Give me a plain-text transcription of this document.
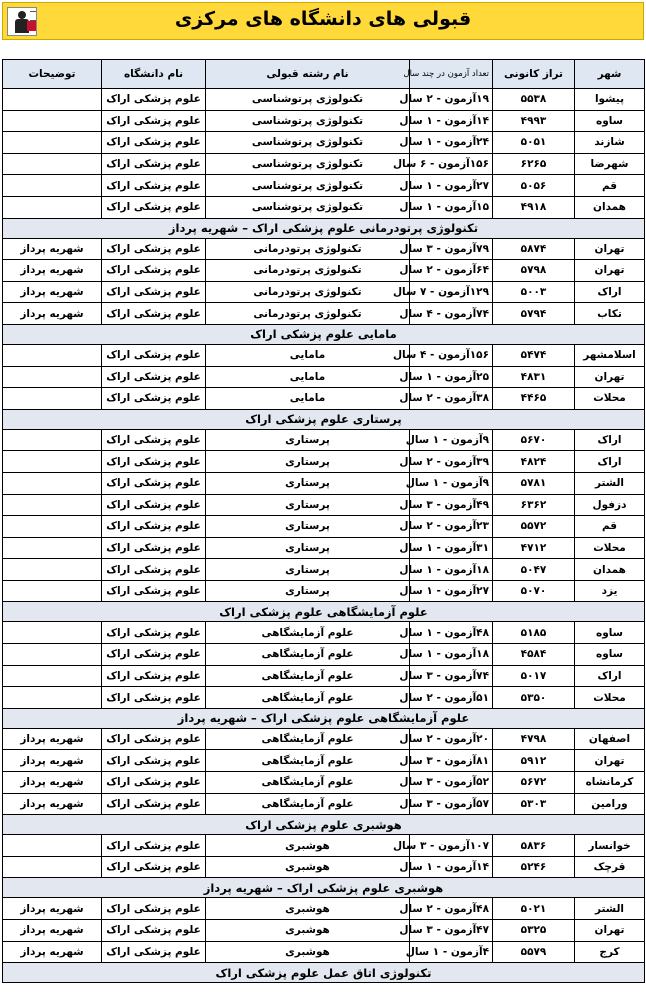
قبولی های دانشگاه های مرکزی
شهر	تراز کانونی	تعداد آزمون در چند سال	نام رشته قبولی	نام دانشگاه	توضیحات
پیشوا	۵۵۳۸	۱۹آزمون - ۲ سال	تکنولوژی پرتوشناسی	علوم پزشکی اراک	
ساوه	۴۹۹۳	۱۴آزمون - ۱ سال	تکنولوژی پرتوشناسی	علوم پزشکی اراک	
شازند	۵۰۵۱	۲۴آزمون - ۱ سال	تکنولوژی پرتوشناسی	علوم پزشکی اراک	
شهرضا	۶۲۶۵	۱۵۶آزمون - ۶ سال	تکنولوژی پرتوشناسی	علوم پزشکی اراک	
قم	۵۰۵۶	۲۷آزمون - ۱ سال	تکنولوژی پرتوشناسی	علوم پزشکی اراک	
همدان	۴۹۱۸	۱۵آزمون - ۱ سال	تکنولوژی پرتوشناسی	علوم پزشکی اراک	
تکنولوژی پرتودرمانی علوم پزشکی اراک – شهریه پرداز					
تهران	۵۸۷۴	۷۹آزمون - ۳ سال	تکنولوژی پرتودرمانی	علوم پزشکی اراک	شهریه پرداز
تهران	۵۷۹۸	۶۴آزمون - ۲ سال	تکنولوژی پرتودرمانی	علوم پزشکی اراک	شهریه پرداز
اراک	۵۰۰۳	۱۲۹آزمون - ۷ سال	تکنولوژی پرتودرمانی	علوم پزشکی اراک	شهریه پرداز
تکاب	۵۷۹۴	۷۴آزمون - ۴ سال	تکنولوژی پرتودرمانی	علوم پزشکی اراک	شهریه پرداز
مامایی علوم پزشکی اراک					
اسلامشهر	۵۴۷۴	۱۵۶آزمون - ۴ سال	مامایی	علوم پزشکی اراک	
تهران	۴۸۳۱	۲۵آزمون - ۱ سال	مامایی	علوم پزشکی اراک	
محلات	۴۴۶۵	۳۸آزمون - ۲ سال	مامایی	علوم پزشکی اراک	
پرستاری علوم پزشکی اراک					
اراک	۵۶۷۰	۹آزمون - ۱ سال	پرستاری	علوم پزشکی اراک	
اراک	۴۸۲۴	۳۹آزمون - ۲ سال	پرستاری	علوم پزشکی اراک	
الشتر	۵۷۸۱	۹آزمون - ۱ سال	پرستاری	علوم پزشکی اراک	
دزفول	۶۳۶۲	۴۹آزمون - ۳ سال	پرستاری	علوم پزشکی اراک	
قم	۵۵۷۲	۲۳آزمون - ۲ سال	پرستاری	علوم پزشکی اراک	
محلات	۴۷۱۲	۳۱آزمون - ۱ سال	پرستاری	علوم پزشکی اراک	
همدان	۵۰۴۷	۱۸آزمون - ۱ سال	پرستاری	علوم پزشکی اراک	
یزد	۵۰۷۰	۲۷آزمون - ۱ سال	پرستاری	علوم پزشکی اراک	
علوم آزمایشگاهی علوم پزشکی اراک					
ساوه	۵۱۸۵	۴۸آزمون - ۱ سال	علوم آزمایشگاهی	علوم پزشکی اراک	
ساوه	۴۵۸۴	۱۸آزمون - ۱ سال	علوم آزمایشگاهی	علوم پزشکی اراک	
اراک	۵۰۱۷	۷۴آزمون - ۳ سال	علوم آزمایشگاهی	علوم پزشکی اراک	
محلات	۵۳۵۰	۵۱آزمون - ۲ سال	علوم آزمایشگاهی	علوم پزشکی اراک	
علوم آزمایشگاهی علوم پزشکی اراک – شهریه پرداز					
اصفهان	۴۷۹۸	۲۰آزمون - ۲ سال	علوم آزمایشگاهی	علوم پزشکی اراک	شهریه پرداز
تهران	۵۹۱۲	۸۱آزمون - ۳ سال	علوم آزمایشگاهی	علوم پزشکی اراک	شهریه پرداز
کرمانشاه	۵۶۷۲	۵۲آزمون - ۳ سال	علوم آزمایشگاهی	علوم پزشکی اراک	شهریه پرداز
ورامین	۵۳۰۳	۵۷آزمون - ۳ سال	علوم آزمایشگاهی	علوم پزشکی اراک	شهریه پرداز
هوشبری علوم پزشکی اراک					
خوانسار	۵۸۳۶	۱۰۷آزمون - ۳ سال	هوشبری	علوم پزشکی اراک	
قرچک	۵۲۴۶	۱۴آزمون - ۱ سال	هوشبری	علوم پزشکی اراک	
هوشبری علوم پزشکی اراک – شهریه پرداز					
الشتر	۵۰۲۱	۴۸آزمون - ۲ سال	هوشبری	علوم پزشکی اراک	شهریه پرداز
تهران	۵۳۲۵	۴۷آزمون - ۳ سال	هوشبری	علوم پزشکی اراک	شهریه پرداز
کرج	۵۵۷۹	۴آزمون - ۱ سال	هوشبری	علوم پزشکی اراک	شهریه پرداز
تکنولوژی اتاق عمل علوم پزشکی اراک					
